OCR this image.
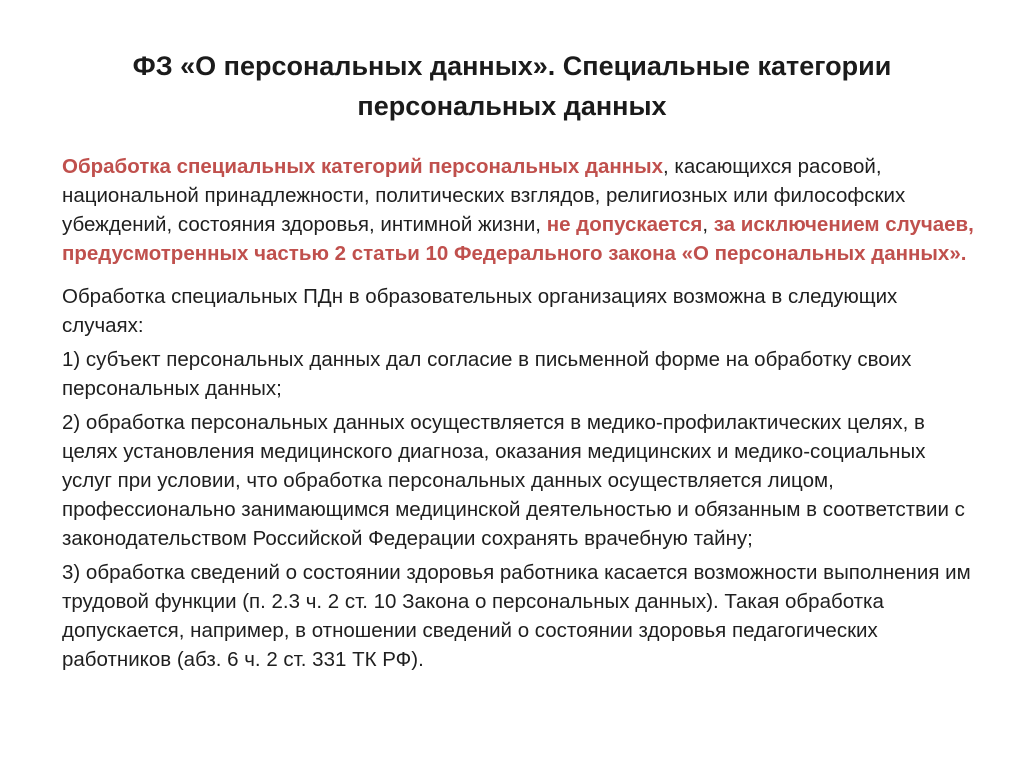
ФЗ «О персональных данных». Специальные категории персональных данных

Обработка специальных категорий персональных данных, касающихся расовой, национальной принадлежности, политических взглядов, религиозных или философских убеждений, состояния здоровья, интимной жизни, не допускается, за исключением случаев, предусмотренных частью 2 статьи 10 Федерального закона «О персональных данных».

Обработка специальных ПДн в образовательных организациях возможна в следующих случаях:

1) субъект персональных данных дал согласие в письменной форме на обработку своих персональных данных;

2) обработка персональных данных осуществляется в медико-профилактических целях, в целях установления медицинского диагноза, оказания медицинских и медико-социальных услуг при условии, что обработка персональных данных осуществляется лицом, профессионально занимающимся медицинской деятельностью и обязанным в соответствии с законодательством Российской Федерации сохранять врачебную тайну;

3) обработка сведений о состоянии здоровья работника касается возможности выполнения им трудовой функции (п. 2.3 ч. 2 ст. 10 Закона о персональных данных). Такая обработка допускается, например, в отношении сведений о состоянии здоровья педагогических работников (абз. 6 ч. 2 ст. 331 ТК РФ).
